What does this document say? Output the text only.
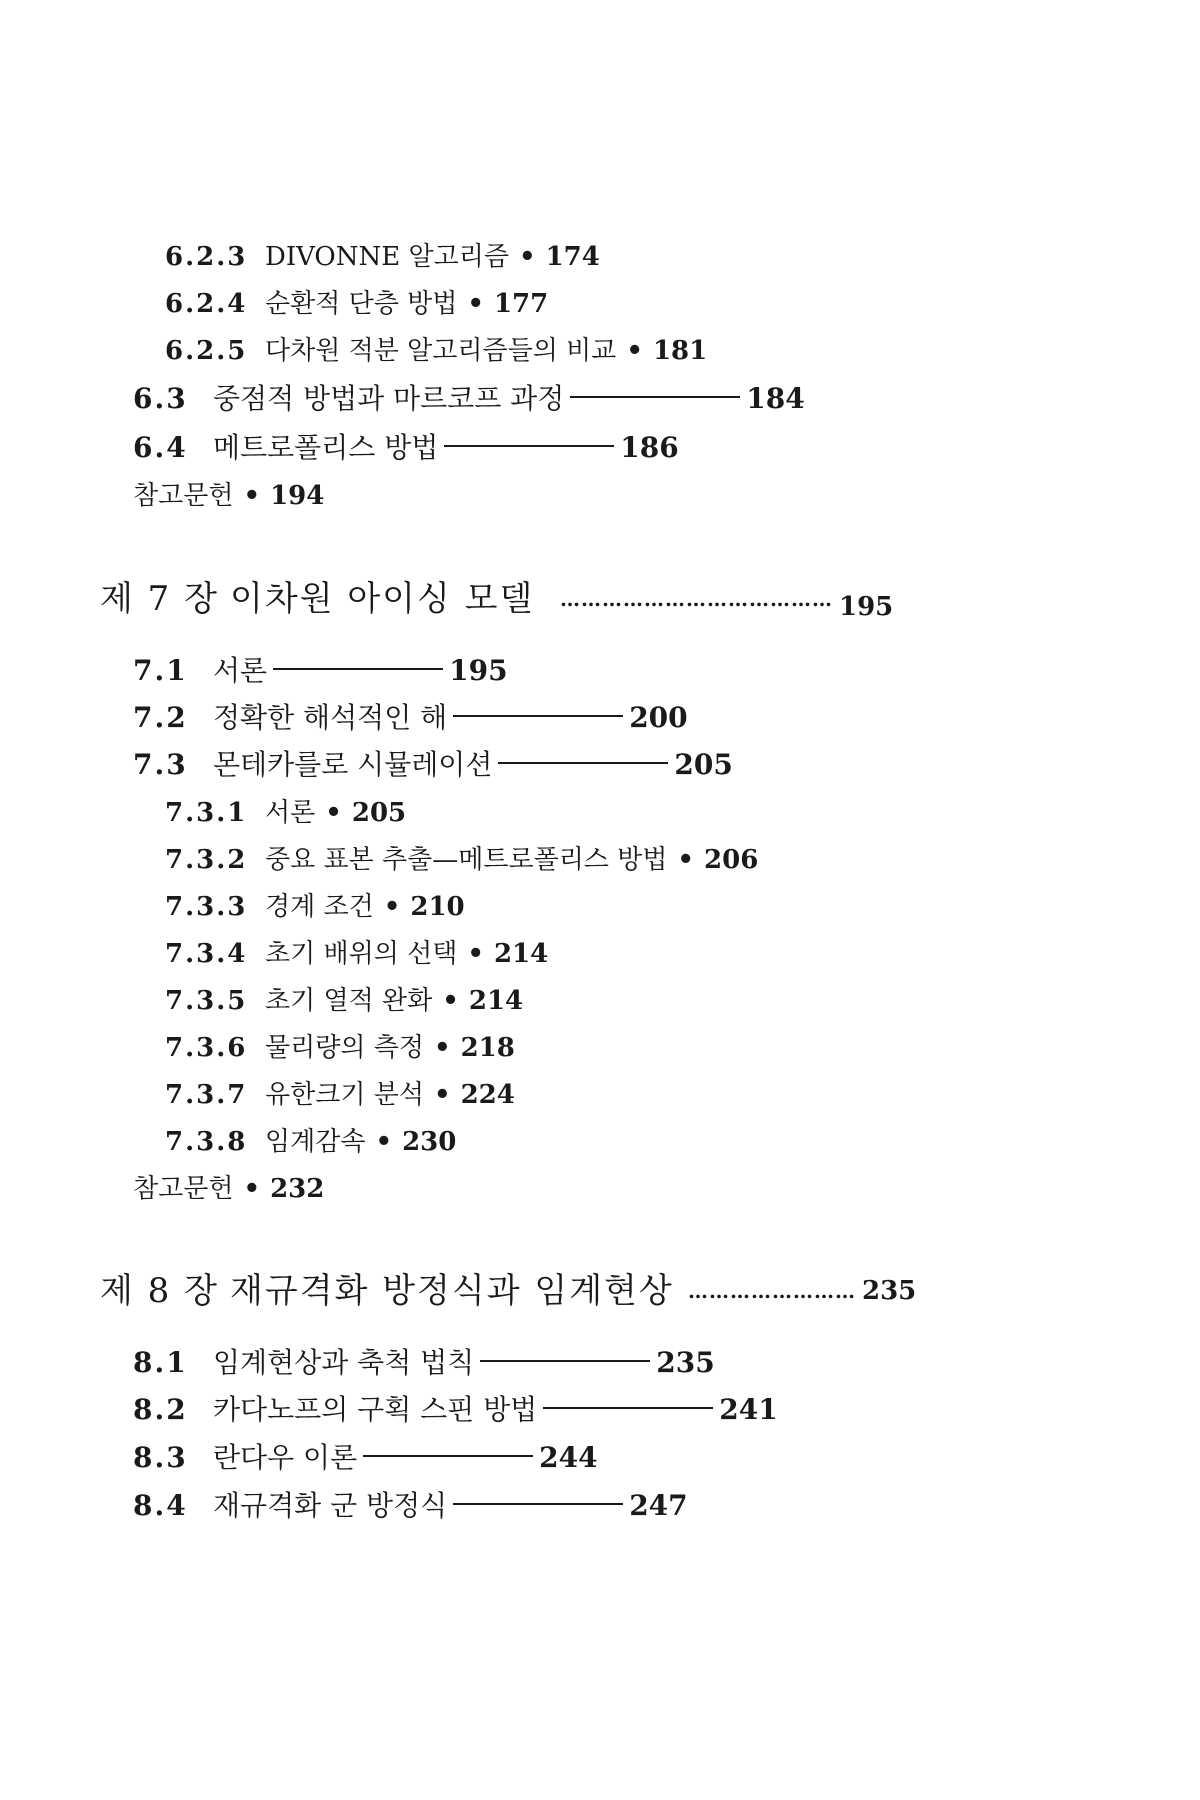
6.2.3 DIVONNE 알고리즘 • 174
6.2.4 순환적 단층 방법 • 177
6.2.5 다차원 적분 알고리즘들의 비교 • 181
6.3 중점적 방법과 마르코프 과정	184
6.4 메트로폴리스 방법	186
참고문헌 • 194
제 7 장 이차원 아이싱 모델	………………………………… 195
7.1 서론	195
7.2 정확한 해석적인 해	200
7.3 몬테카를로 시뮬레이션	205
7.3.1 서론 • 205
7.3.2 중요 표본 추출—메트로폴리스 방법 • 206
7.3.3 경계 조건 • 210
7.3.4 초기 배위의 선택 • 214
7.3.5 초기 열적 완화 • 214
7.3.6 물리량의 측정 • 218
7.3.7 유한크기 분석 • 224
7.3.8 임계감속 • 230
참고문헌 • 232
제 8 장 재규격화 방정식과 임계현상 …………………… 235
8.1 임계현상과 축척 법칙	235
8.2 카다노프의 구획 스핀 방법	241
8.3 란다우 이론	244
8.4 재규격화 군 방정식	247
